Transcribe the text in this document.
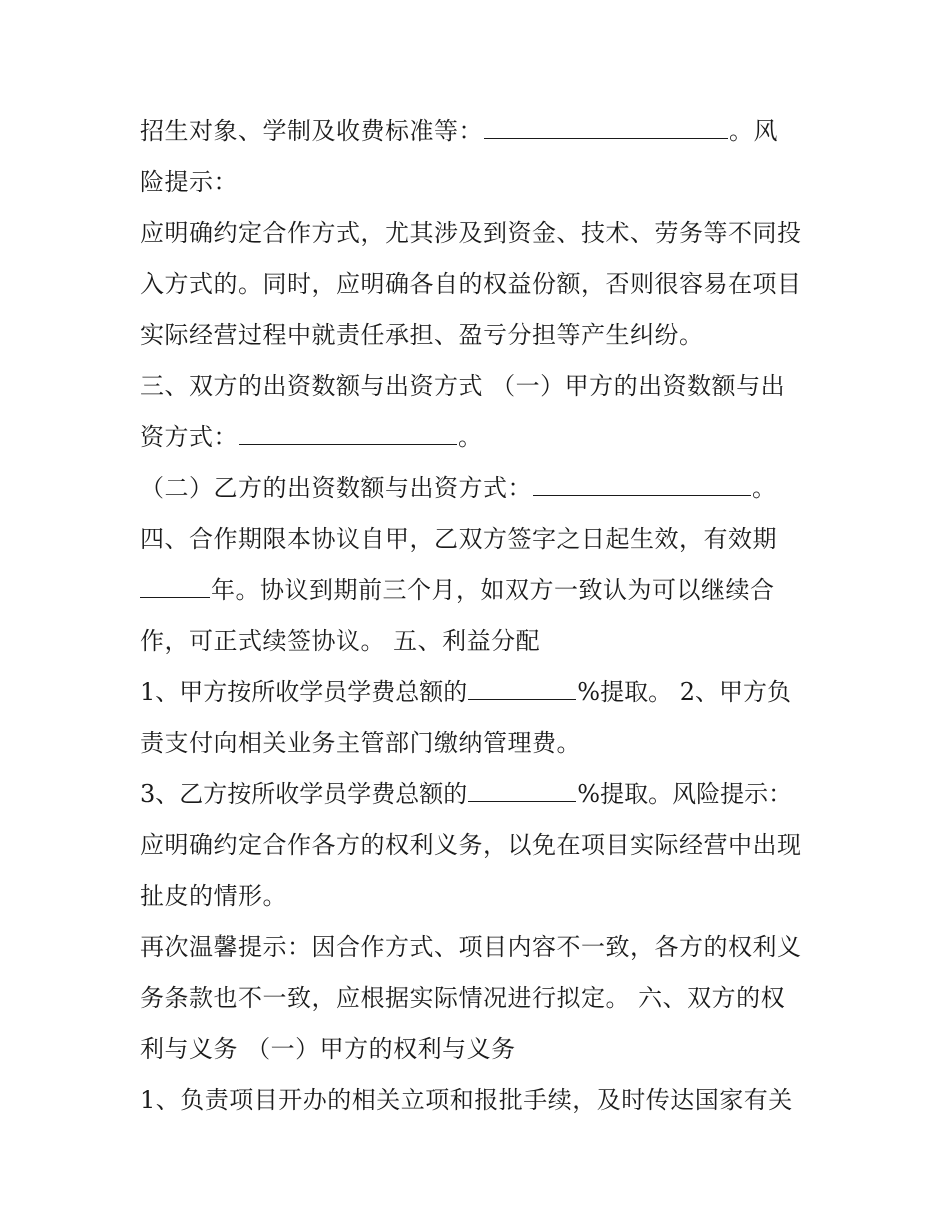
招生对象、学制及收费标准等：	。风
险提示：
应明确约定合作方式，尤其涉及到资金、技术、劳务等不同投
入方式的。同时，应明确各自的权益份额，否则很容易在项目
实际经营过程中就责任承担、盈亏分担等产生纠纷。
三、双方的出资数额与出资方式 （一）甲方的出资数额与出
资方式：	。
（二）乙方的出资数额与出资方式：	。
四、合作期限本协议自甲，乙双方签字之日起生效，有效期
年。协议到期前三个月，如双方一致认为可以继续合
作，可正式续签协议。 五、利益分配
1、甲方按所收学员学费总额的	%提取。 2、甲方负
责支付向相关业务主管部门缴纳管理费。
3、乙方按所收学员学费总额的	%提取。风险提示：
应明确约定合作各方的权利义务，以免在项目实际经营中出现
扯皮的情形。
再次温馨提示：因合作方式、项目内容不一致，各方的权利义
务条款也不一致，应根据实际情况进行拟定。 六、双方的权
利与义务 （一）甲方的权利与义务
1、负责项目开办的相关立项和报批手续，及时传达国家有关
